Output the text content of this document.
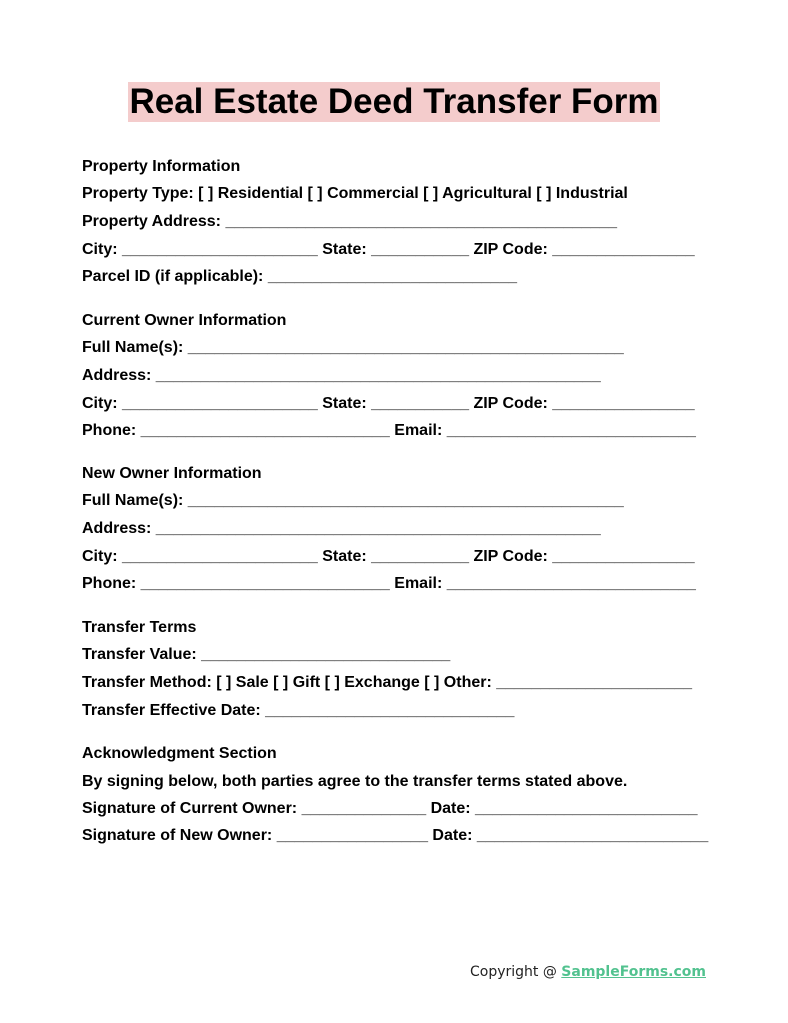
Real Estate Deed Transfer Form

Property Information

Property Type: [ ] Residential [ ] Commercial [ ] Agricultural [ ] Industrial

Property Address: ____________________________________________

City: ______________________ State: ___________ ZIP Code: ________________

Parcel ID (if applicable): ____________________________

Current Owner Information

Full Name(s): _________________________________________________

Address: __________________________________________________

City: ______________________ State: ___________ ZIP Code: ________________

Phone: ____________________________ Email: ____________________________

New Owner Information

Full Name(s): _________________________________________________

Address: __________________________________________________

City: ______________________ State: ___________ ZIP Code: ________________

Phone: ____________________________ Email: ____________________________

Transfer Terms

Transfer Value: ____________________________

Transfer Method: [ ] Sale [ ] Gift [ ] Exchange [ ] Other: ______________________

Transfer Effective Date: ____________________________

Acknowledgment Section

By signing below, both parties agree to the transfer terms stated above.

Signature of Current Owner: ______________ Date: _________________________

Signature of New Owner: _________________ Date: __________________________

Copyright @ SampleForms.com
